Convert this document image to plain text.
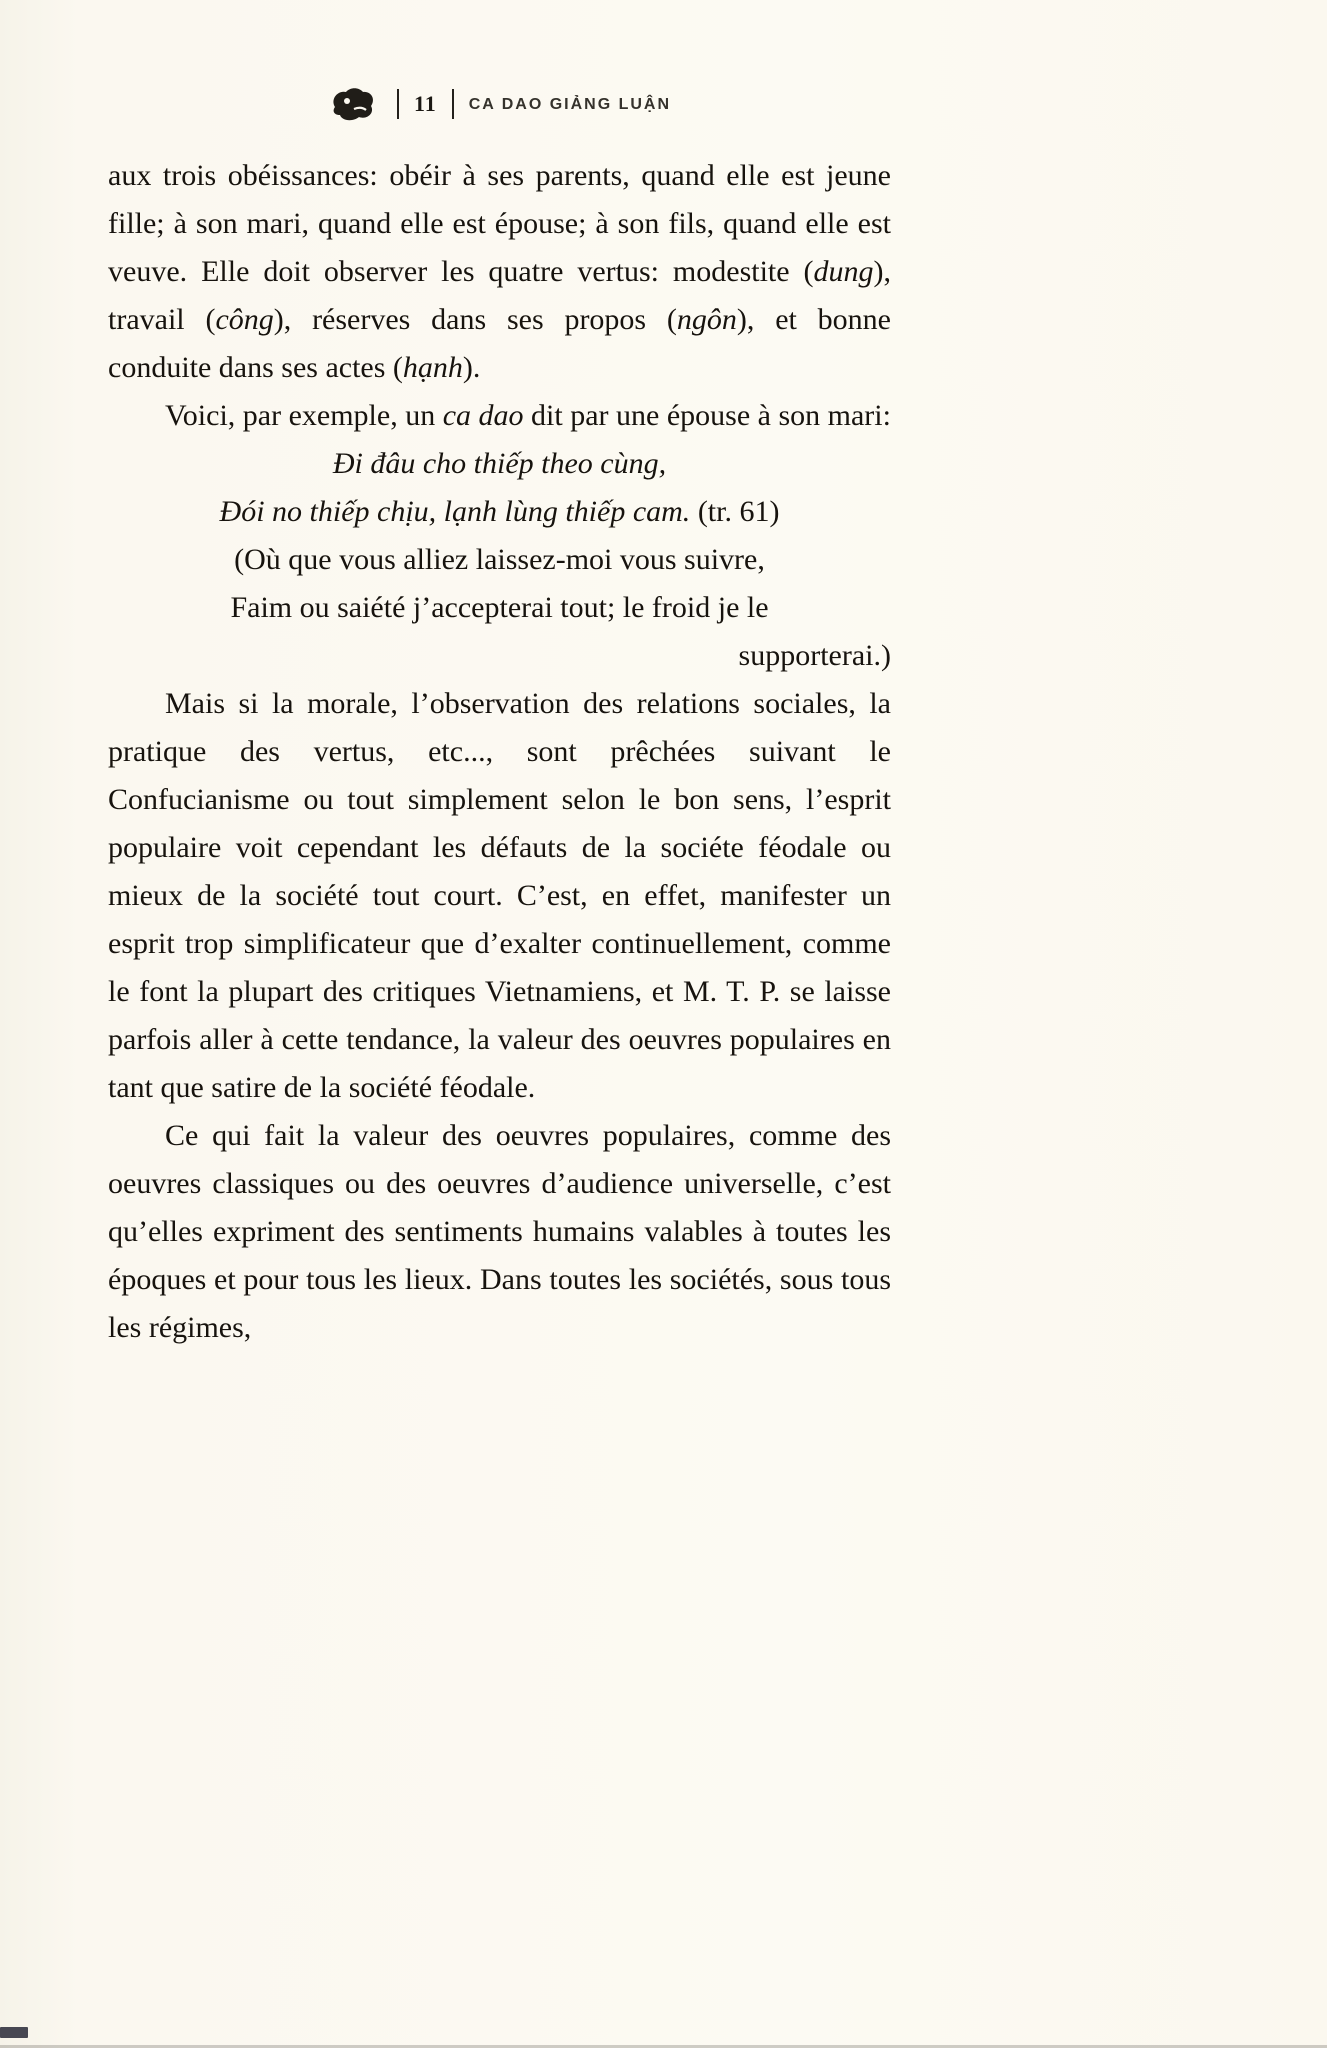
11 CA DAO GIẢNG LUẬN

aux trois obéissances: obéir à ses parents, quand elle est jeune fille; à son mari, quand elle est épouse; à son fils, quand elle est veuve. Elle doit observer les quatre vertus: modestite (dung), travail (công), réserves dans ses propos (ngôn), et bonne conduite dans ses actes (hạnh).

Voici, par exemple, un ca dao dit par une épouse à son mari:

Đi đâu cho thiếp theo cùng,

Đói no thiếp chịu, lạnh lùng thiếp cam. (tr. 61)

(Où que vous alliez laissez-moi vous suivre,

Faim ou saiété j’accepterai tout; le froid je le

supporterai.)

Mais si la morale, l’observation des relations sociales, la pratique des vertus, etc..., sont prêchées suivant le Confucianisme ou tout simplement selon le bon sens, l’esprit populaire voit cependant les défauts de la sociéte féodale ou mieux de la société tout court. C’est, en effet, manifester un esprit trop simplificateur que d’exalter continuellement, comme le font la plupart des critiques Vietnamiens, et M. T. P. se laisse parfois aller à cette tendance, la valeur des oeuvres populaires en tant que satire de la société féodale.

Ce qui fait la valeur des oeuvres populaires, comme des oeuvres classiques ou des oeuvres d’audience universelle, c’est qu’elles expriment des sentiments humains valables à toutes les époques et pour tous les lieux. Dans toutes les sociétés, sous tous les régimes,
